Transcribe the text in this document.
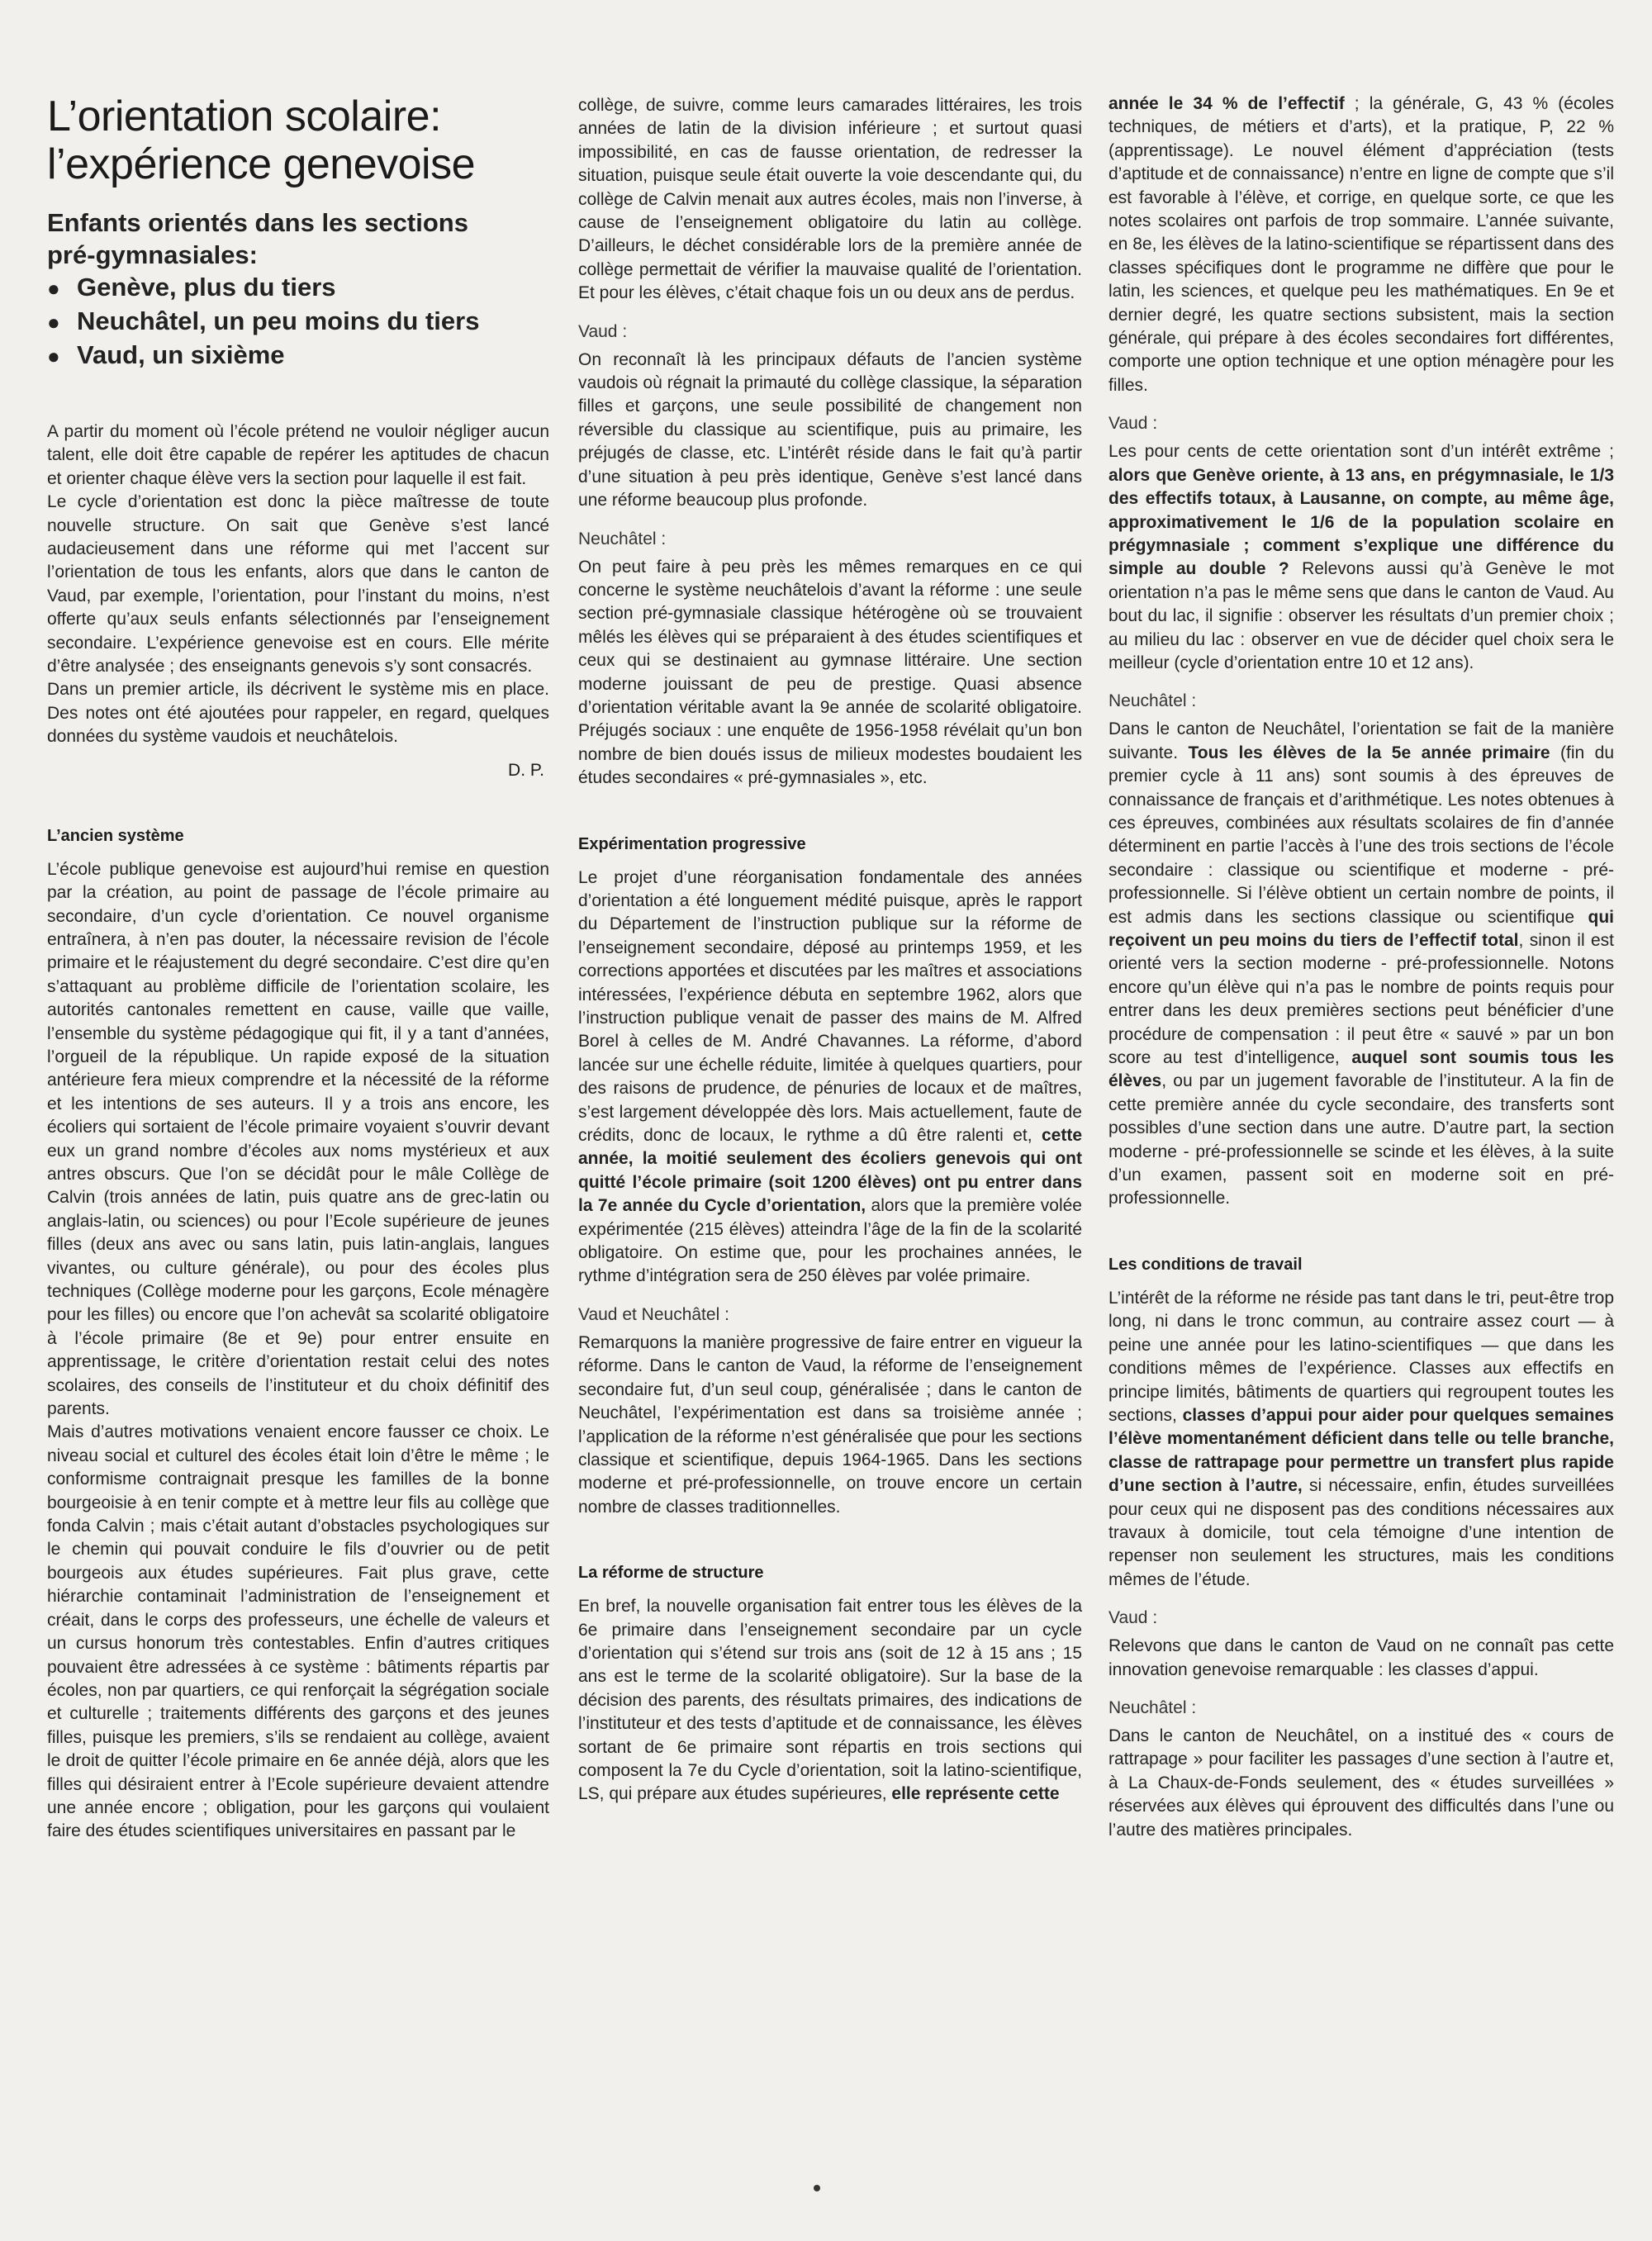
L’orientation scolaire:
l’expérience genevoise
Enfants orientés dans les sections
pré-gymnasiales:
● Genève, plus du tiers
● Neuchâtel, un peu moins du tiers
● Vaud, un sixième

A partir du moment où l’école prétend ne vouloir négliger aucun talent, elle doit être capable de repérer les aptitudes de chacun et orienter chaque élève vers la section pour laquelle il est fait.

Le cycle d’orientation est donc la pièce maîtresse de toute nouvelle structure. On sait que Genève s’est lancé audacieusement dans une réforme qui met l’accent sur l’orientation de tous les enfants, alors que dans le canton de Vaud, par exemple, l’orientation, pour l’instant du moins, n’est offerte qu’aux seuls enfants sélectionnés par l’enseignement secondaire. L’expérience genevoise est en cours. Elle mérite d’être analysée ; des enseignants genevois s’y sont consacrés.

Dans un premier article, ils décrivent le système mis en place. Des notes ont été ajoutées pour rappeler, en regard, quelques données du système vaudois et neuchâtelois.

D. P.
L’ancien système

L’école publique genevoise est aujourd’hui remise en question par la création, au point de passage de l’école primaire au secondaire, d’un cycle d’orientation. Ce nouvel organisme entraînera, à n’en pas douter, la nécessaire revision de l’école primaire et le réajustement du degré secondaire. C’est dire qu’en s’attaquant au problème difficile de l’orientation scolaire, les autorités cantonales remettent en cause, vaille que vaille, l’ensemble du système pédagogique qui fit, il y a tant d’années, l’orgueil de la république. Un rapide exposé de la situation antérieure fera mieux comprendre et la nécessité de la réforme et les intentions de ses auteurs. Il y a trois ans encore, les écoliers qui sortaient de l’école primaire voyaient s’ouvrir devant eux un grand nombre d’écoles aux noms mystérieux et aux antres obscurs. Que l’on se décidât pour le mâle Collège de Calvin (trois années de latin, puis quatre ans de grec-latin ou anglais-latin, ou sciences) ou pour l’Ecole supérieure de jeunes filles (deux ans avec ou sans latin, puis latin-anglais, langues vivantes, ou culture générale), ou pour des écoles plus techniques (Collège moderne pour les garçons, Ecole ménagère pour les filles) ou encore que l’on achevât sa scolarité obligatoire à l’école primaire (8e et 9e) pour entrer ensuite en apprentissage, le critère d’orientation restait celui des notes scolaires, des conseils de l’instituteur et du choix définitif des parents.

Mais d’autres motivations venaient encore fausser ce choix. Le niveau social et culturel des écoles était loin d’être le même ; le conformisme contraignait presque les familles de la bonne bourgeoisie à en tenir compte et à mettre leur fils au collège que fonda Calvin ; mais c’était autant d’obstacles psychologiques sur le chemin qui pouvait conduire le fils d’ouvrier ou de petit bourgeois aux études supérieures. Fait plus grave, cette hiérarchie contaminait l’administration de l’enseignement et créait, dans le corps des professeurs, une échelle de valeurs et un cursus honorum très contestables. Enfin d’autres critiques pouvaient être adressées à ce système : bâtiments répartis par écoles, non par quartiers, ce qui renforçait la ségrégation sociale et culturelle ; traitements différents des garçons et des jeunes filles, puisque les premiers, s’ils se rendaient au collège, avaient le droit de quitter l’école primaire en 6e année déjà, alors que les filles qui désiraient entrer à l’Ecole supérieure devaient attendre une année encore ; obligation, pour les garçons qui voulaient faire des études scientifiques universitaires en passant par le

collège, de suivre, comme leurs camarades littéraires, les trois années de latin de la division inférieure ; et surtout quasi impossibilité, en cas de fausse orientation, de redresser la situation, puisque seule était ouverte la voie descendante qui, du collège de Calvin menait aux autres écoles, mais non l’inverse, à cause de l’enseignement obligatoire du latin au collège. D’ailleurs, le déchet considérable lors de la première année de collège permettait de vérifier la mauvaise qualité de l’orientation. Et pour les élèves, c’était chaque fois un ou deux ans de perdus.

Vaud :

On reconnaît là les principaux défauts de l’ancien système vaudois où régnait la primauté du collège classique, la séparation filles et garçons, une seule possibilité de changement non réversible du classique au scientifique, puis au primaire, les préjugés de classe, etc. L’intérêt réside dans le fait qu’à partir d’une situation à peu près identique, Genève s’est lancé dans une réforme beaucoup plus profonde.

Neuchâtel :

On peut faire à peu près les mêmes remarques en ce qui concerne le système neuchâtelois d’avant la réforme : une seule section pré-gymnasiale classique hétérogène où se trouvaient mêlés les élèves qui se préparaient à des études scientifiques et ceux qui se destinaient au gymnase littéraire. Une section moderne jouissant de peu de prestige. Quasi absence d’orientation véritable avant la 9e année de scolarité obligatoire. Préjugés sociaux : une enquête de 1956-1958 révélait qu’un bon nombre de bien doués issus de milieux modestes boudaient les études secondaires « pré-gymnasiales », etc.

Expérimentation progressive

Le projet d’une réorganisation fondamentale des années d’orientation a été longuement médité puisque, après le rapport du Département de l’instruction publique sur la réforme de l’enseignement secondaire, déposé au printemps 1959, et les corrections apportées et discutées par les maîtres et associations intéressées, l’expérience débuta en septembre 1962, alors que l’instruction publique venait de passer des mains de M. Alfred Borel à celles de M. André Chavannes. La réforme, d’abord lancée sur une échelle réduite, limitée à quelques quartiers, pour des raisons de prudence, de pénuries de locaux et de maîtres, s’est largement développée dès lors. Mais actuellement, faute de crédits, donc de locaux, le rythme a dû être ralenti et, cette année, la moitié seulement des écoliers genevois qui ont quitté l’école primaire (soit 1200 élèves) ont pu entrer dans la 7e année du Cycle d’orientation, alors que la première volée expérimentée (215 élèves) atteindra l’âge de la fin de la scolarité obligatoire. On estime que, pour les prochaines années, le rythme d’intégration sera de 250 élèves par volée primaire.

Vaud et Neuchâtel :

Remarquons la manière progressive de faire entrer en vigueur la réforme. Dans le canton de Vaud, la réforme de l’enseignement secondaire fut, d’un seul coup, généralisée ; dans le canton de Neuchâtel, l’expérimentation est dans sa troisième année ; l’application de la réforme n’est généralisée que pour les sections classique et scientifique, depuis 1964-1965. Dans les sections moderne et pré-professionnelle, on trouve encore un certain nombre de classes traditionnelles.

La réforme de structure

En bref, la nouvelle organisation fait entrer tous les élèves de la 6e primaire dans l’enseignement secondaire par un cycle d’orientation qui s’étend sur trois ans (soit de 12 à 15 ans ; 15 ans est le terme de la scolarité obligatoire). Sur la base de la décision des parents, des résultats primaires, des indications de l’instituteur et des tests d’aptitude et de connaissance, les élèves sortant de 6e primaire sont répartis en trois sections qui composent la 7e du Cycle d’orientation, soit la latino-scientifique, LS, qui prépare aux études supérieures, elle représente cette

année le 34 % de l’effectif ; la générale, G, 43 % (écoles techniques, de métiers et d’arts), et la pratique, P, 22 % (apprentissage). Le nouvel élément d’appréciation (tests d’aptitude et de connaissance) n’entre en ligne de compte que s’il est favorable à l’élève, et corrige, en quelque sorte, ce que les notes scolaires ont parfois de trop sommaire. L’année suivante, en 8e, les élèves de la latino-scientifique se répartissent dans des classes spécifiques dont le programme ne diffère que pour le latin, les sciences, et quelque peu les mathématiques. En 9e et dernier degré, les quatre sections subsistent, mais la section générale, qui prépare à des écoles secondaires fort différentes, comporte une option technique et une option ménagère pour les filles.

Vaud :

Les pour cents de cette orientation sont d’un intérêt extrême ; alors que Genève oriente, à 13 ans, en prégymnasiale, le 1/3 des effectifs totaux, à Lausanne, on compte, au même âge, approximativement le 1/6 de la population scolaire en prégymnasiale ; comment s’explique une différence du simple au double ? Relevons aussi qu’à Genève le mot orientation n’a pas le même sens que dans le canton de Vaud. Au bout du lac, il signifie : observer les résultats d’un premier choix ; au milieu du lac : observer en vue de décider quel choix sera le meilleur (cycle d’orientation entre 10 et 12 ans).

Neuchâtel :

Dans le canton de Neuchâtel, l’orientation se fait de la manière suivante. Tous les élèves de la 5e année primaire (fin du premier cycle à 11 ans) sont soumis à des épreuves de connaissance de français et d’arithmétique. Les notes obtenues à ces épreuves, combinées aux résultats scolaires de fin d’année déterminent en partie l’accès à l’une des trois sections de l’école secondaire : classique ou scientifique et moderne - pré-professionnelle. Si l’élève obtient un certain nombre de points, il est admis dans les sections classique ou scientifique qui reçoivent un peu moins du tiers de l’effectif total, sinon il est orienté vers la section moderne - pré-professionnelle. Notons encore qu’un élève qui n’a pas le nombre de points requis pour entrer dans les deux premières sections peut bénéficier d’une procédure de compensation : il peut être « sauvé » par un bon score au test d’intelligence, auquel sont soumis tous les élèves, ou par un jugement favorable de l’instituteur. A la fin de cette première année du cycle secondaire, des transferts sont possibles d’une section dans une autre. D’autre part, la section moderne - pré-professionnelle se scinde et les élèves, à la suite d’un examen, passent soit en moderne soit en pré-professionnelle.

Les conditions de travail

L’intérêt de la réforme ne réside pas tant dans le tri, peut-être trop long, ni dans le tronc commun, au contraire assez court — à peine une année pour les latino-scientifiques — que dans les conditions mêmes de l’expérience. Classes aux effectifs en principe limités, bâtiments de quartiers qui regroupent toutes les sections, classes d’appui pour aider pour quelques semaines l’élève momentanément déficient dans telle ou telle branche, classe de rattrapage pour permettre un transfert plus rapide d’une section à l’autre, si nécessaire, enfin, études surveillées pour ceux qui ne disposent pas des conditions nécessaires aux travaux à domicile, tout cela témoigne d’une intention de repenser non seulement les structures, mais les conditions mêmes de l’étude.

Vaud :

Relevons que dans le canton de Vaud on ne connaît pas cette innovation genevoise remarquable : les classes d’appui.

Neuchâtel :

Dans le canton de Neuchâtel, on a institué des « cours de rattrapage » pour faciliter les passages d’une section à l’autre et, à La Chaux-de-Fonds seulement, des « études surveillées » réservées aux élèves qui éprouvent des difficultés dans l’une ou l’autre des matières principales.
